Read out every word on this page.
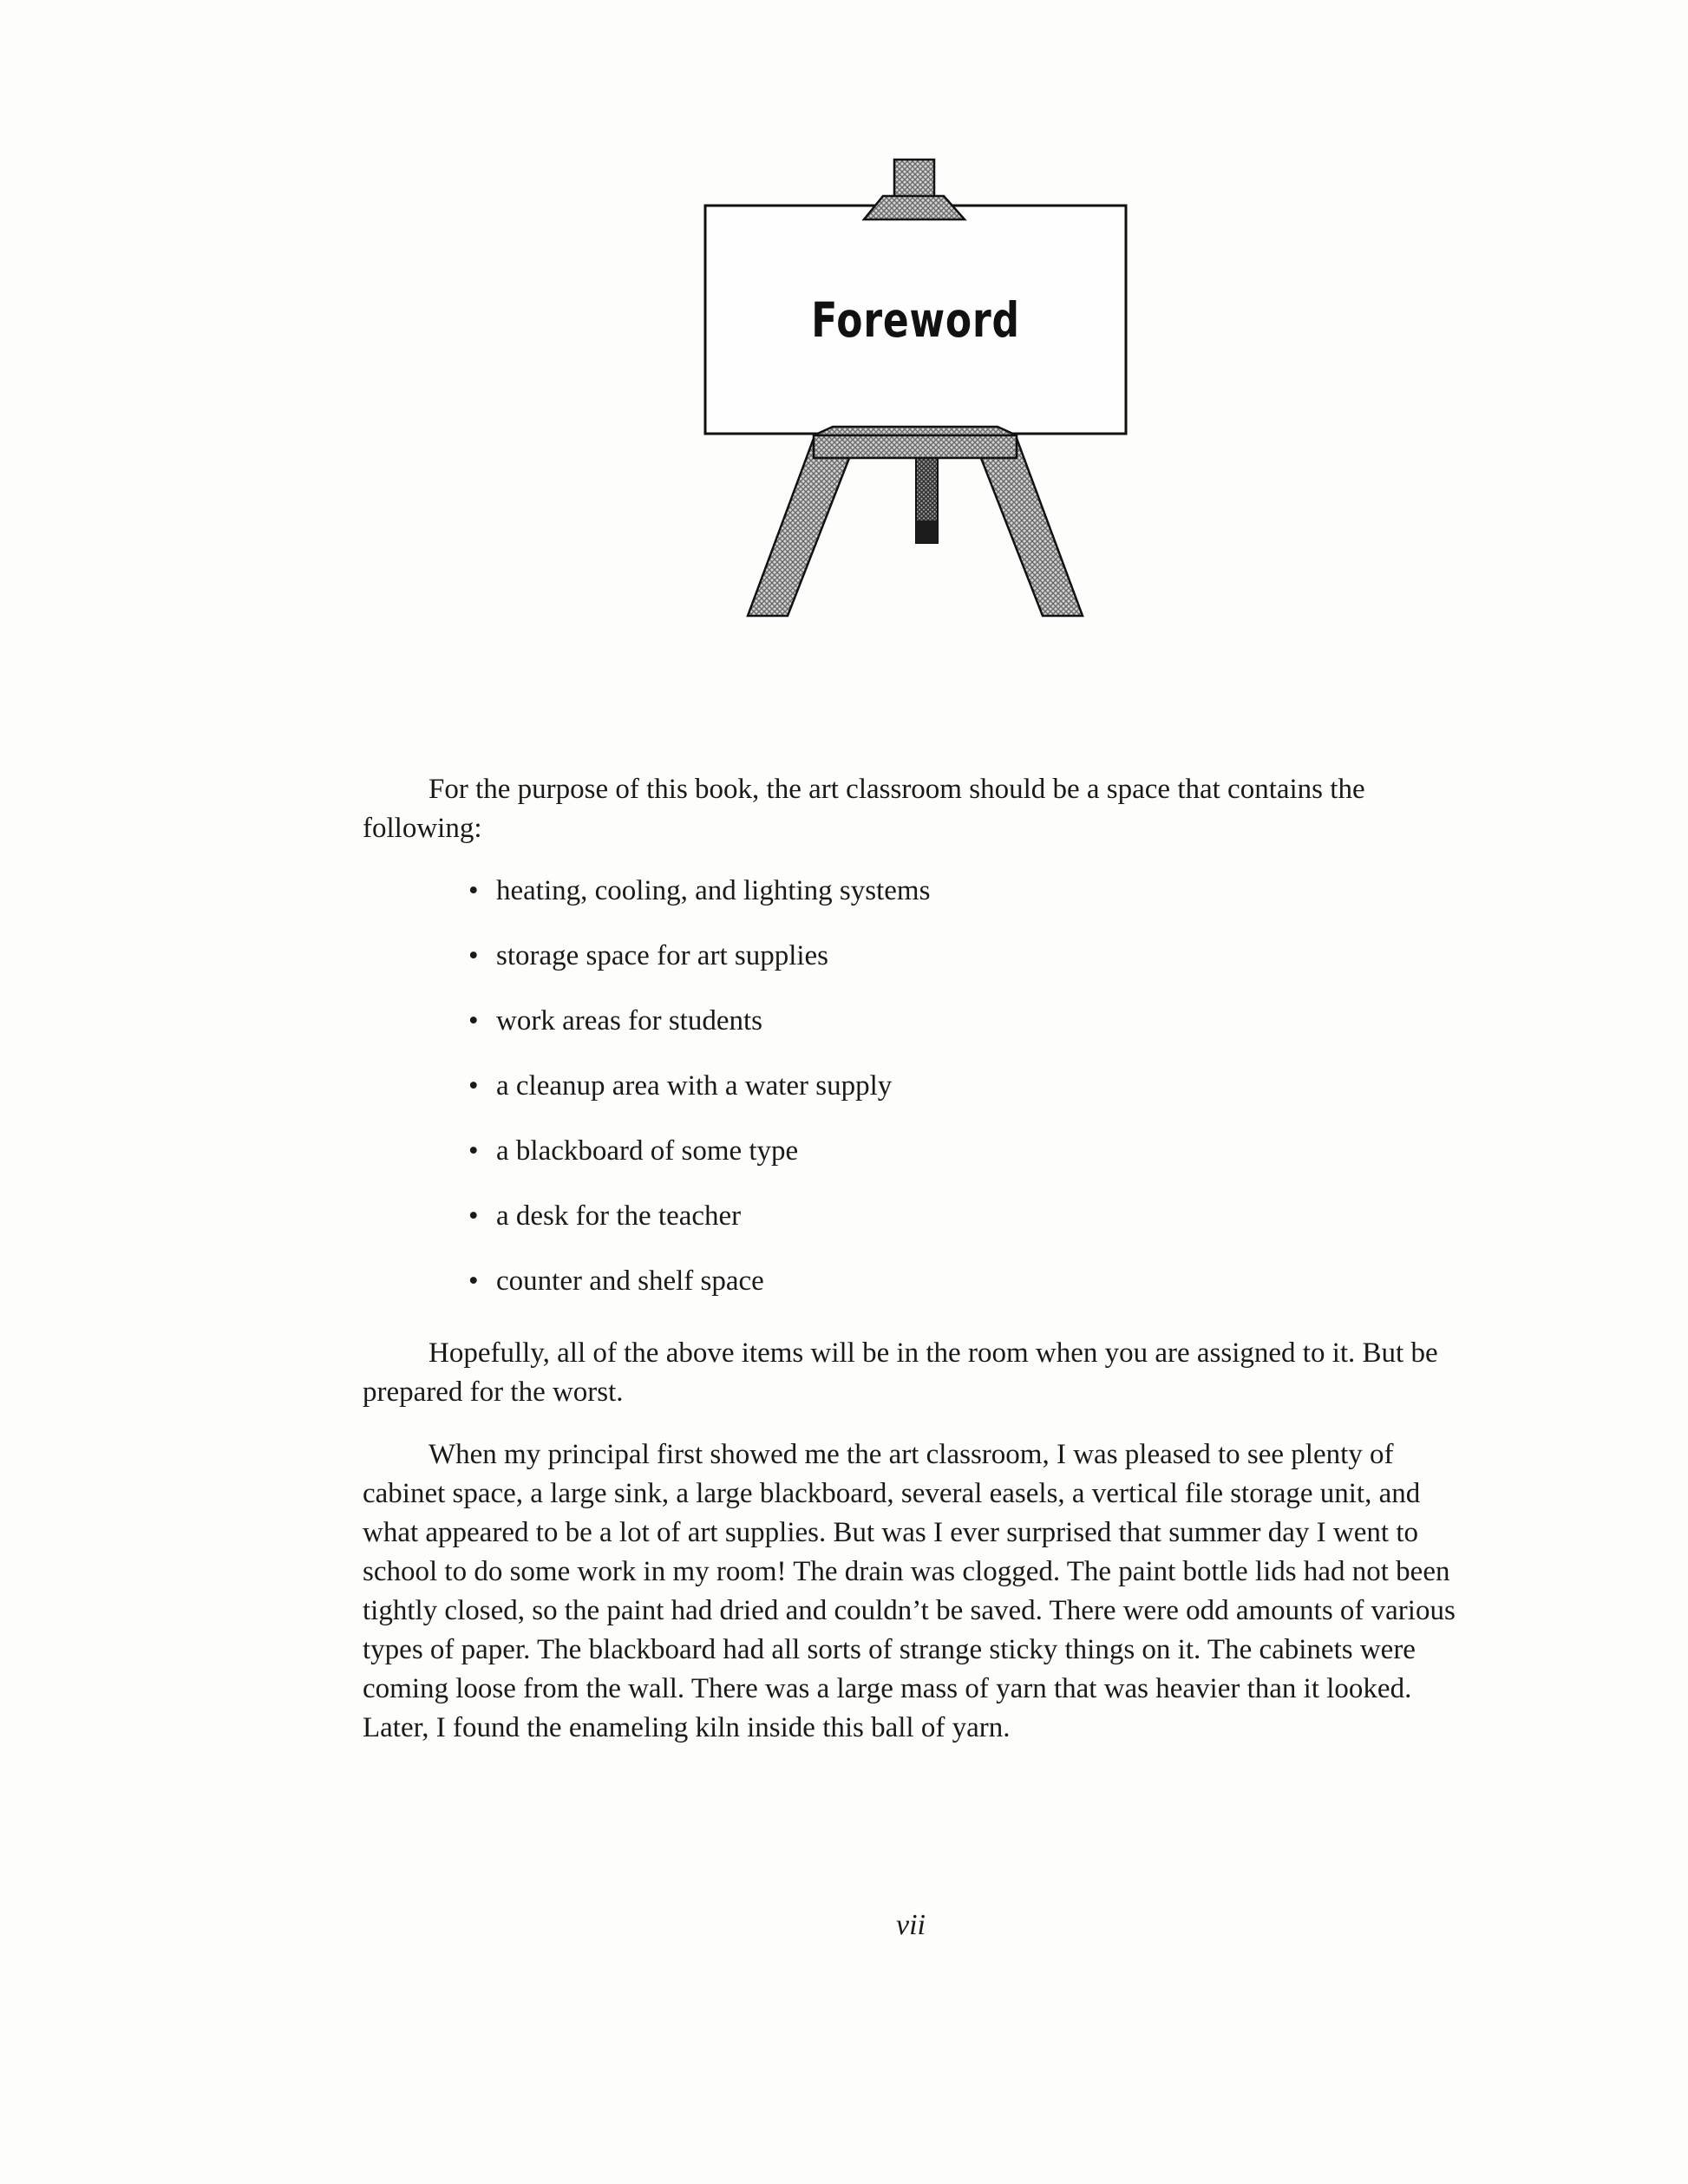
Foreword
For the purpose of this book, the art classroom should be a space that contains the following:
• heating, cooling, and lighting systems
• storage space for art supplies
• work areas for students
• a cleanup area with a water supply
• a blackboard of some type
• a desk for the teacher
• counter and shelf space
Hopefully, all of the above items will be in the room when you are assigned to it. But be prepared for the worst.
When my principal first showed me the art classroom, I was pleased to see plenty of cabinet space, a large sink, a large blackboard, several easels, a vertical file storage unit, and what appeared to be a lot of art supplies. But was I ever surprised that summer day I went to school to do some work in my room! The drain was clogged. The paint bottle lids had not been tightly closed, so the paint had dried and couldn’t be saved. There were odd amounts of various types of paper. The blackboard had all sorts of strange sticky things on it. The cabinets were coming loose from the wall. There was a large mass of yarn that was heavier than it looked. Later, I found the enameling kiln inside this ball of yarn.
vii
